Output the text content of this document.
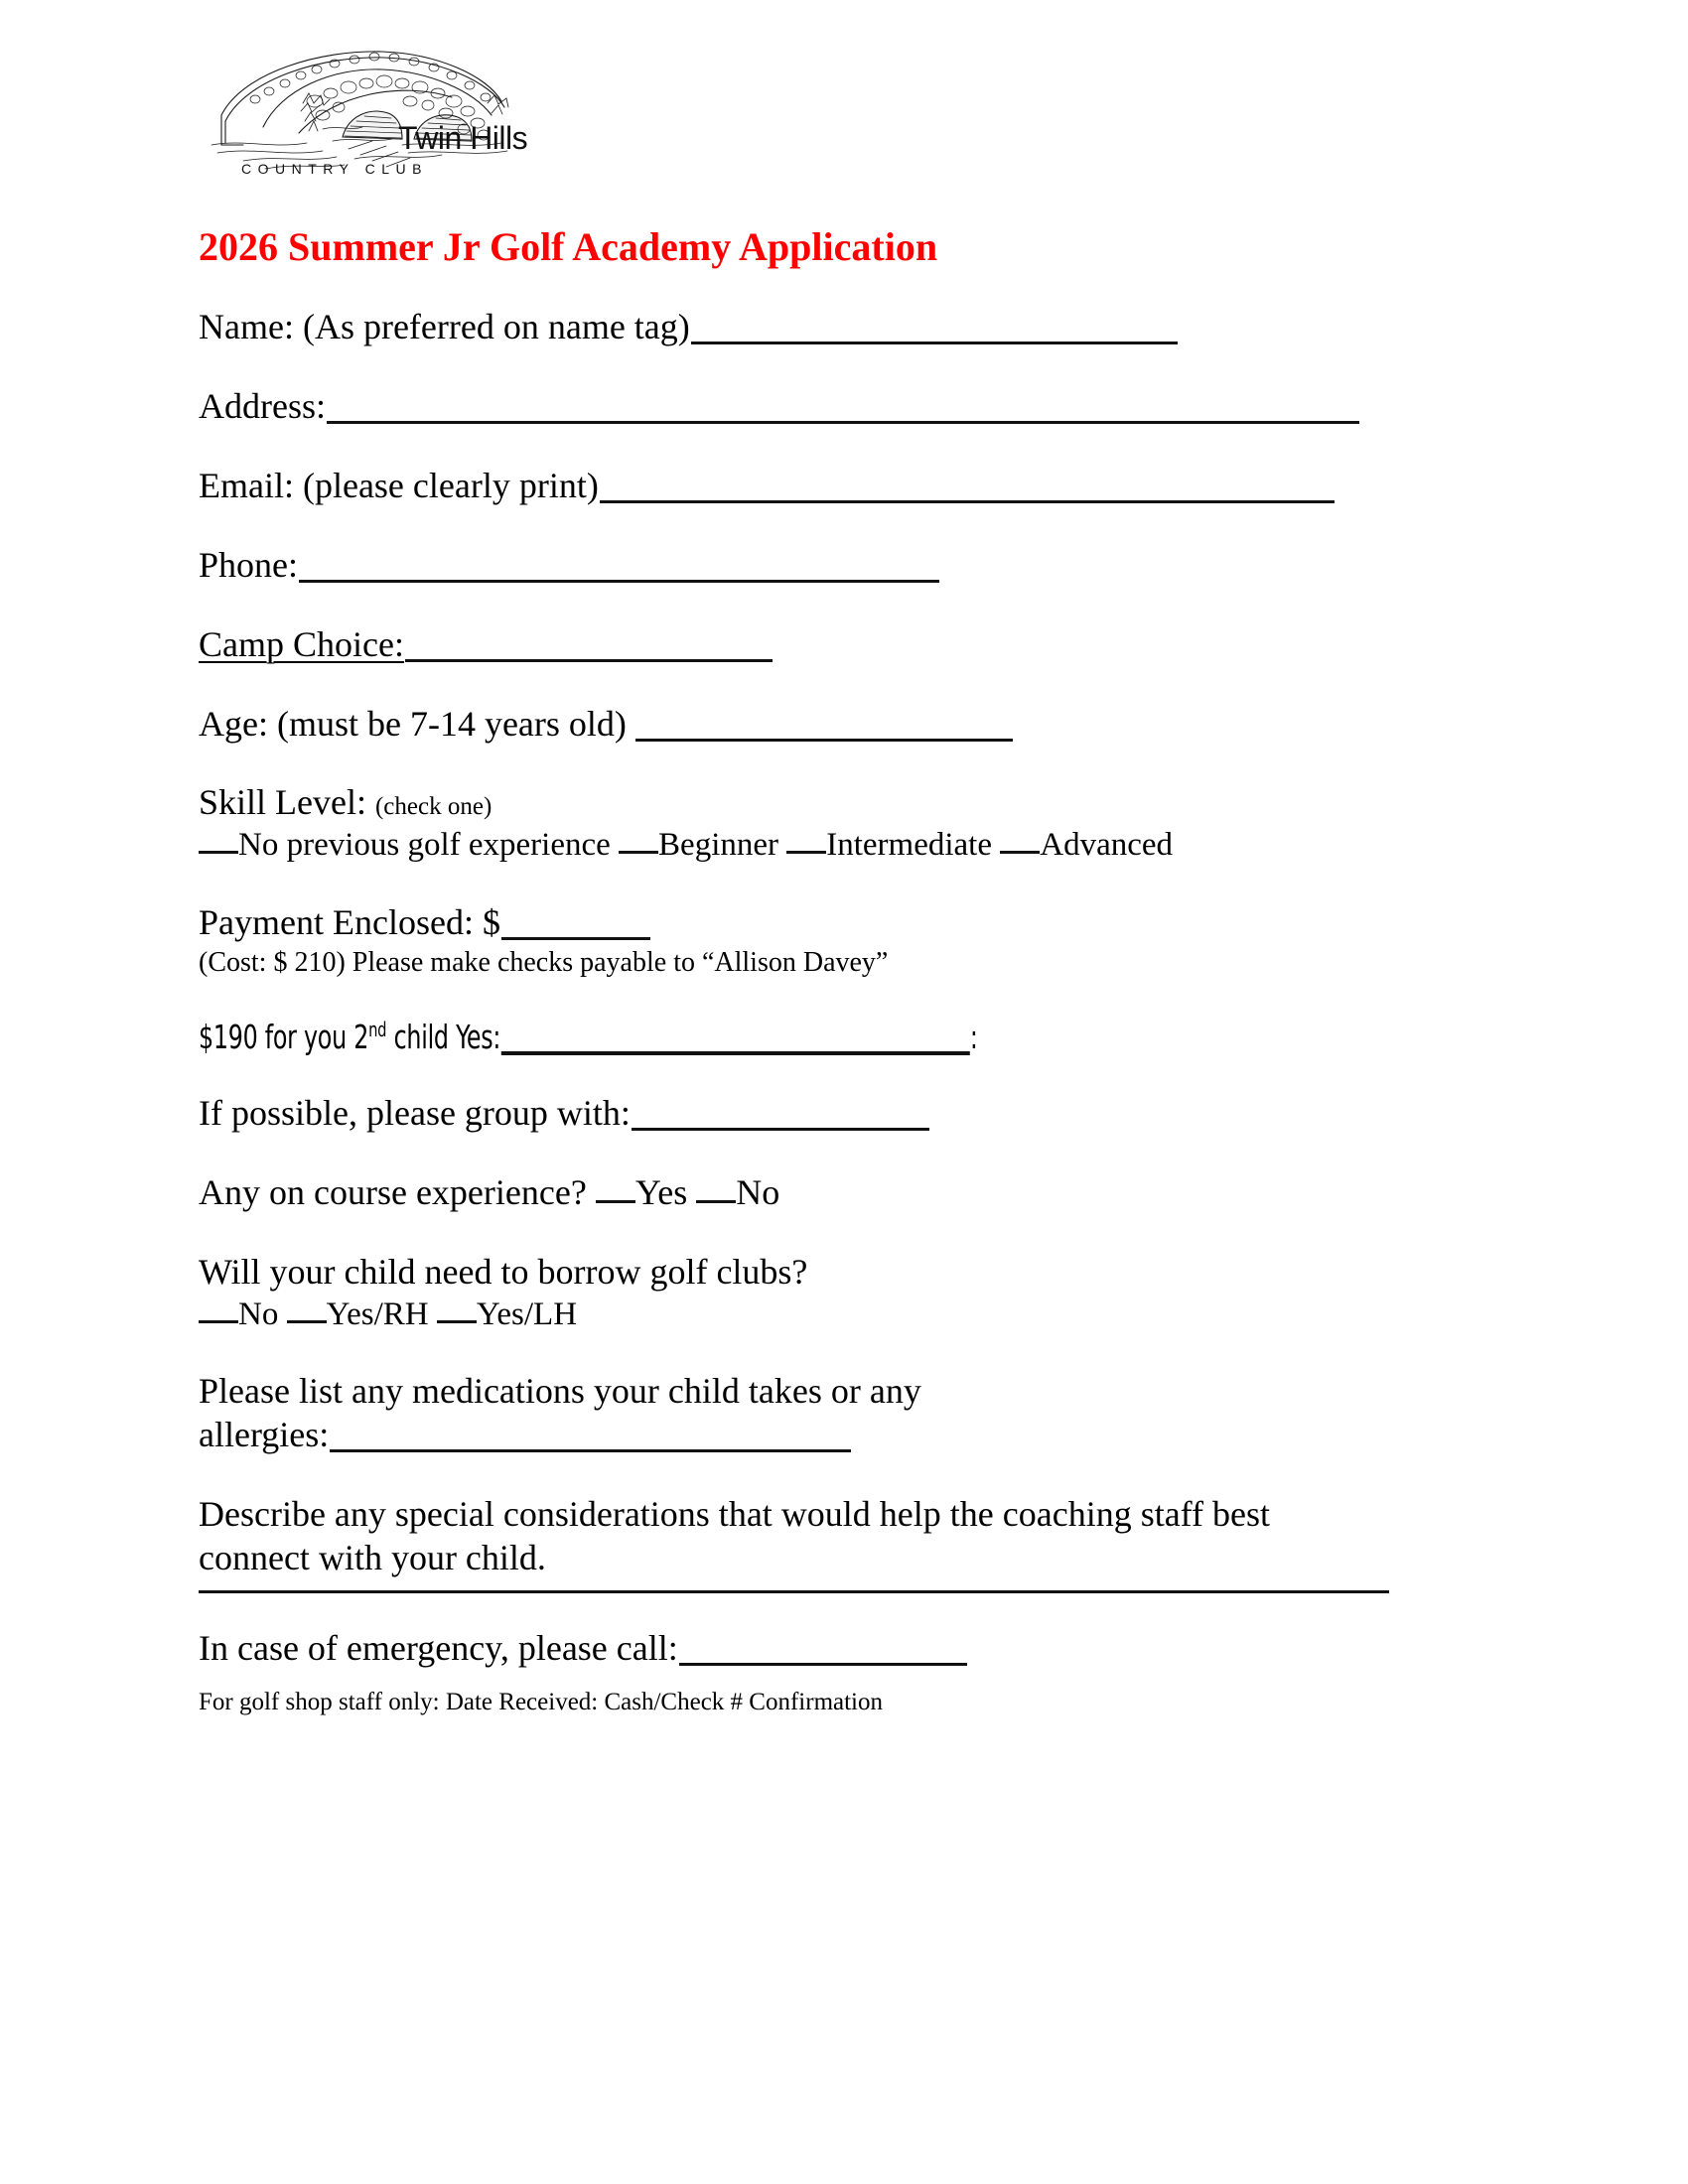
Twin Hills
COUNTRY CLUB
2026 Summer Jr Golf Academy Application
Name: (As preferred on name tag)
Address:
Email: (please clearly print)
Phone:
Camp Choice:
Age: (must be 7-14 years old)
Skill Level: (check one)
No previous golf experience Beginner Intermediate Advanced
Payment Enclosed: $
(Cost: $ 210) Please make checks payable to “Allison Davey”
$190 for you 2nd child Yes:	:
If possible, please group with:
Any on course experience? Yes No
Will your child need to borrow golf clubs?
No Yes/RH Yes/LH
Please list any medications your child takes or any
allergies:
Describe any special considerations that would help the coaching staff best
connect with your child.
In case of emergency, please call:
For golf shop staff only: Date Received: Cash/Check # Confirmation
